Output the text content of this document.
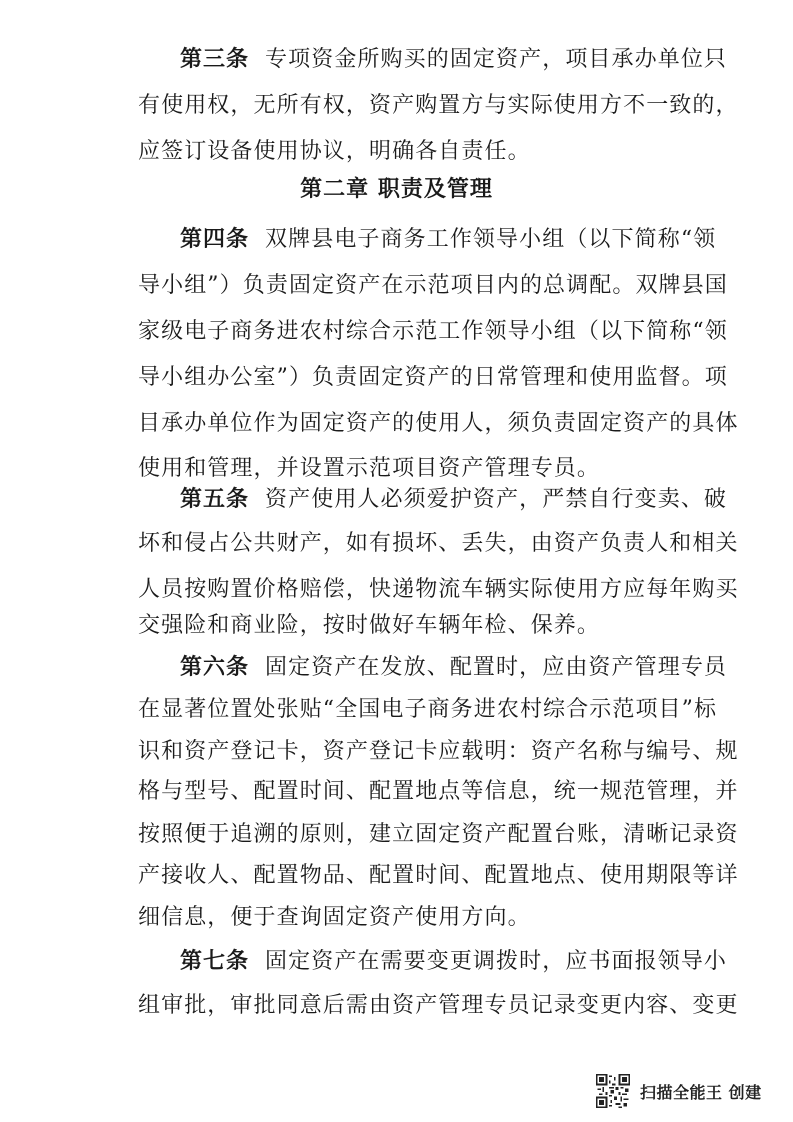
第三条 专项资金所购买的固定资产，项目承办单位只
有使用权，无所有权，资产购置方与实际使用方不一致的，
应签订设备使用协议，明确各自责任。
第二章 职责及管理
第四条 双牌县电子商务工作领导小组（以下简称“领
导小组”）负责固定资产在示范项目内的总调配。双牌县国
家级电子商务进农村综合示范工作领导小组（以下简称“领
导小组办公室”）负责固定资产的日常管理和使用监督。项
目承办单位作为固定资产的使用人，须负责固定资产的具体
使用和管理，并设置示范项目资产管理专员。
第五条 资产使用人必须爱护资产，严禁自行变卖、破
坏和侵占公共财产，如有损坏、丢失，由资产负责人和相关
人员按购置价格赔偿，快递物流车辆实际使用方应每年购买
交强险和商业险，按时做好车辆年检、保养。
第六条 固定资产在发放、配置时，应由资产管理专员
在显著位置处张贴“全国电子商务进农村综合示范项目”标
识和资产登记卡，资产登记卡应载明：资产名称与编号、规
格与型号、配置时间、配置地点等信息，统一规范管理，并
按照便于追溯的原则，建立固定资产配置台账，清晰记录资
产接收人、配置物品、配置时间、配置地点、使用期限等详
细信息，便于查询固定资产使用方向。
第七条 固定资产在需要变更调拨时，应书面报领导小
组审批，审批同意后需由资产管理专员记录变更内容、变更
扫描全能王 创建
